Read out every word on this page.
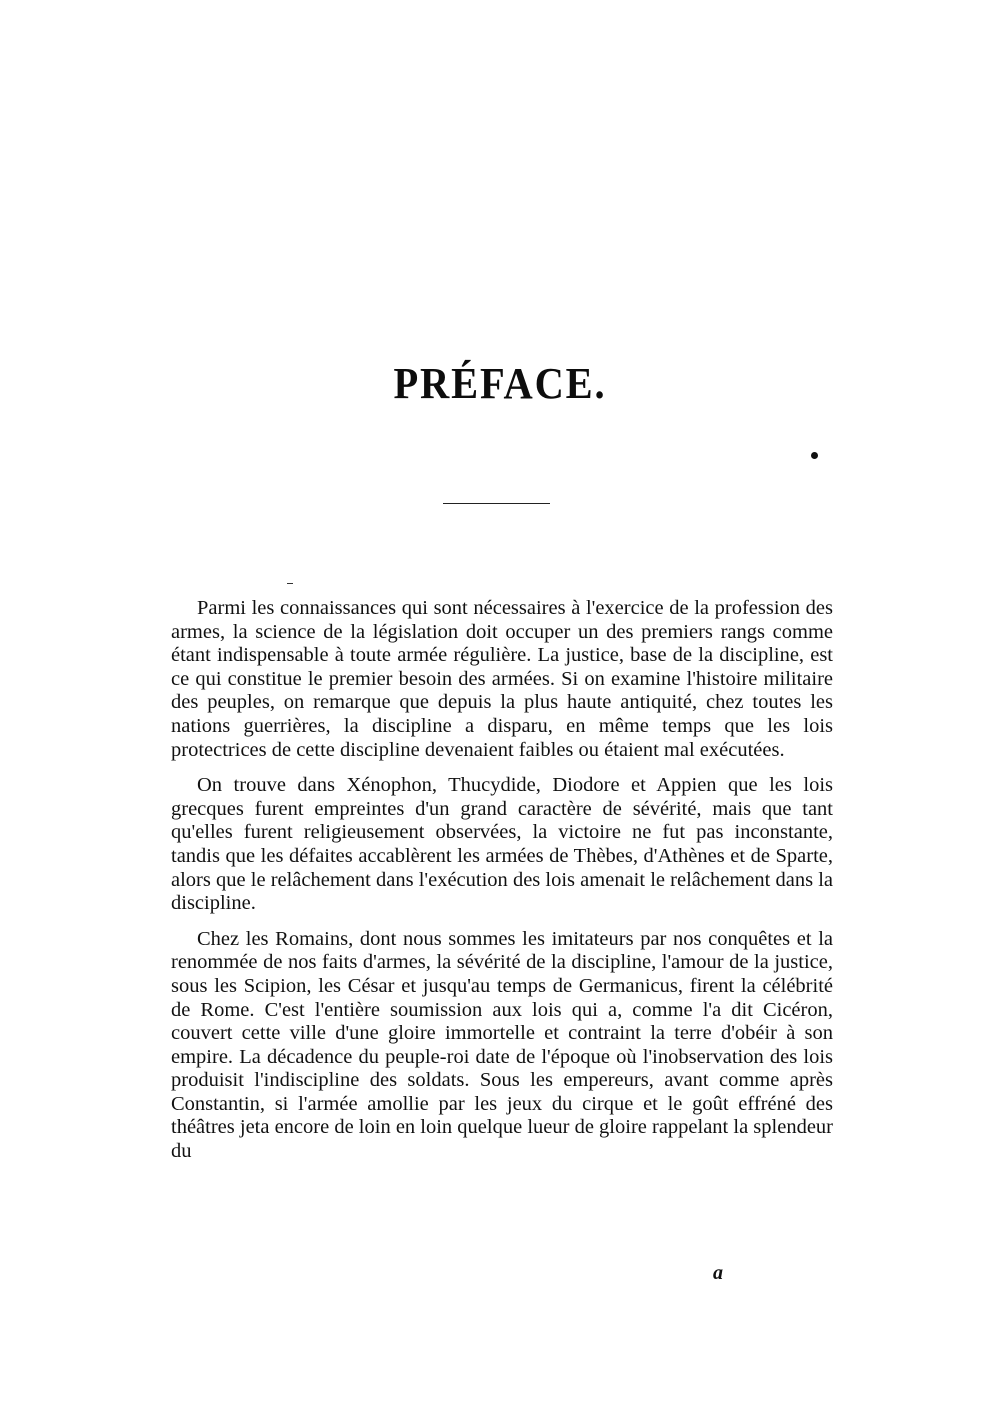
PRÉFACE.

Parmi les connaissances qui sont nécessaires à l'exercice de la profession des armes, la science de la législation doit occuper un des premiers rangs comme étant indispensable à toute armée régulière. La justice, base de la discipline, est ce qui constitue le premier besoin des armées. Si on examine l'histoire militaire des peuples, on remarque que depuis la plus haute antiquité, chez toutes les nations guerrières, la discipline a disparu, en même temps que les lois protectrices de cette discipline devenaient faibles ou étaient mal exécutées.

On trouve dans Xénophon, Thucydide, Diodore et Appien que les lois grecques furent empreintes d'un grand caractère de sévérité, mais que tant qu'elles furent religieusement observées, la victoire ne fut pas inconstante, tandis que les défaites accablèrent les armées de Thèbes, d'Athènes et de Sparte, alors que le relâchement dans l'exécution des lois amenait le relâchement dans la discipline.

Chez les Romains, dont nous sommes les imitateurs par nos conquêtes et la renommée de nos faits d'armes, la sévérité de la discipline, l'amour de la justice, sous les Scipion, les César et jusqu'au temps de Germanicus, firent la célébrité de Rome. C'est l'entière soumission aux lois qui a, comme l'a dit Cicéron, couvert cette ville d'une gloire immortelle et contraint la terre d'obéir à son empire. La décadence du peuple-roi date de l'époque où l'inobservation des lois produisit l'indiscipline des soldats. Sous les empereurs, avant comme après Constantin, si l'armée amollie par les jeux du cirque et le goût effréné des théâtres jeta encore de loin en loin quelque lueur de gloire rappelant la splendeur du

a
